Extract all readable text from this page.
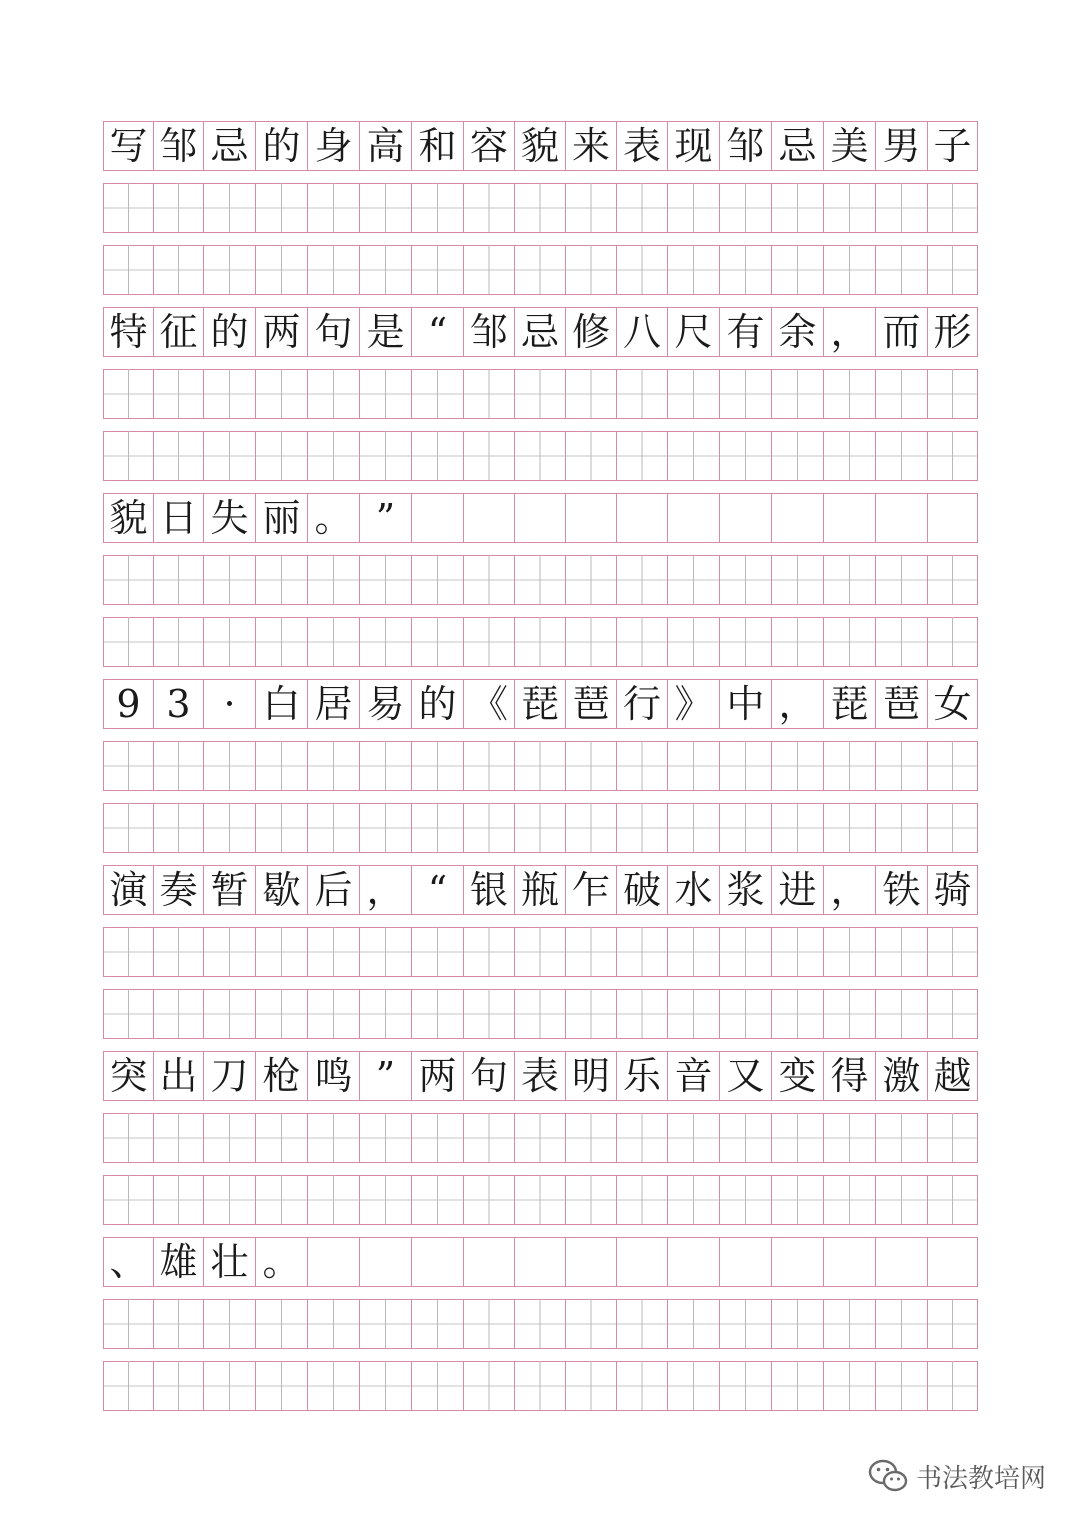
写 邹 忌 的 身 高 和 容 貌 来 表 现 邹 忌 美 男 子
特 征 的 两 句 是 “ 邹 忌 修 八 尺 有 余 ， 而 形
貌 日 失 丽 。 ”
9 3 · 白 居 易 的 《 琵 琶 行 》 中 ， 琵 琶 女
演 奏 暂 歇 后 ， “ 银 瓶 乍 破 水 浆 进 ， 铁 骑
突 出 刀 枪 鸣 ” 两 句 表 明 乐 音 又 变 得 激 越
、 雄 壮 。
书法教培网
